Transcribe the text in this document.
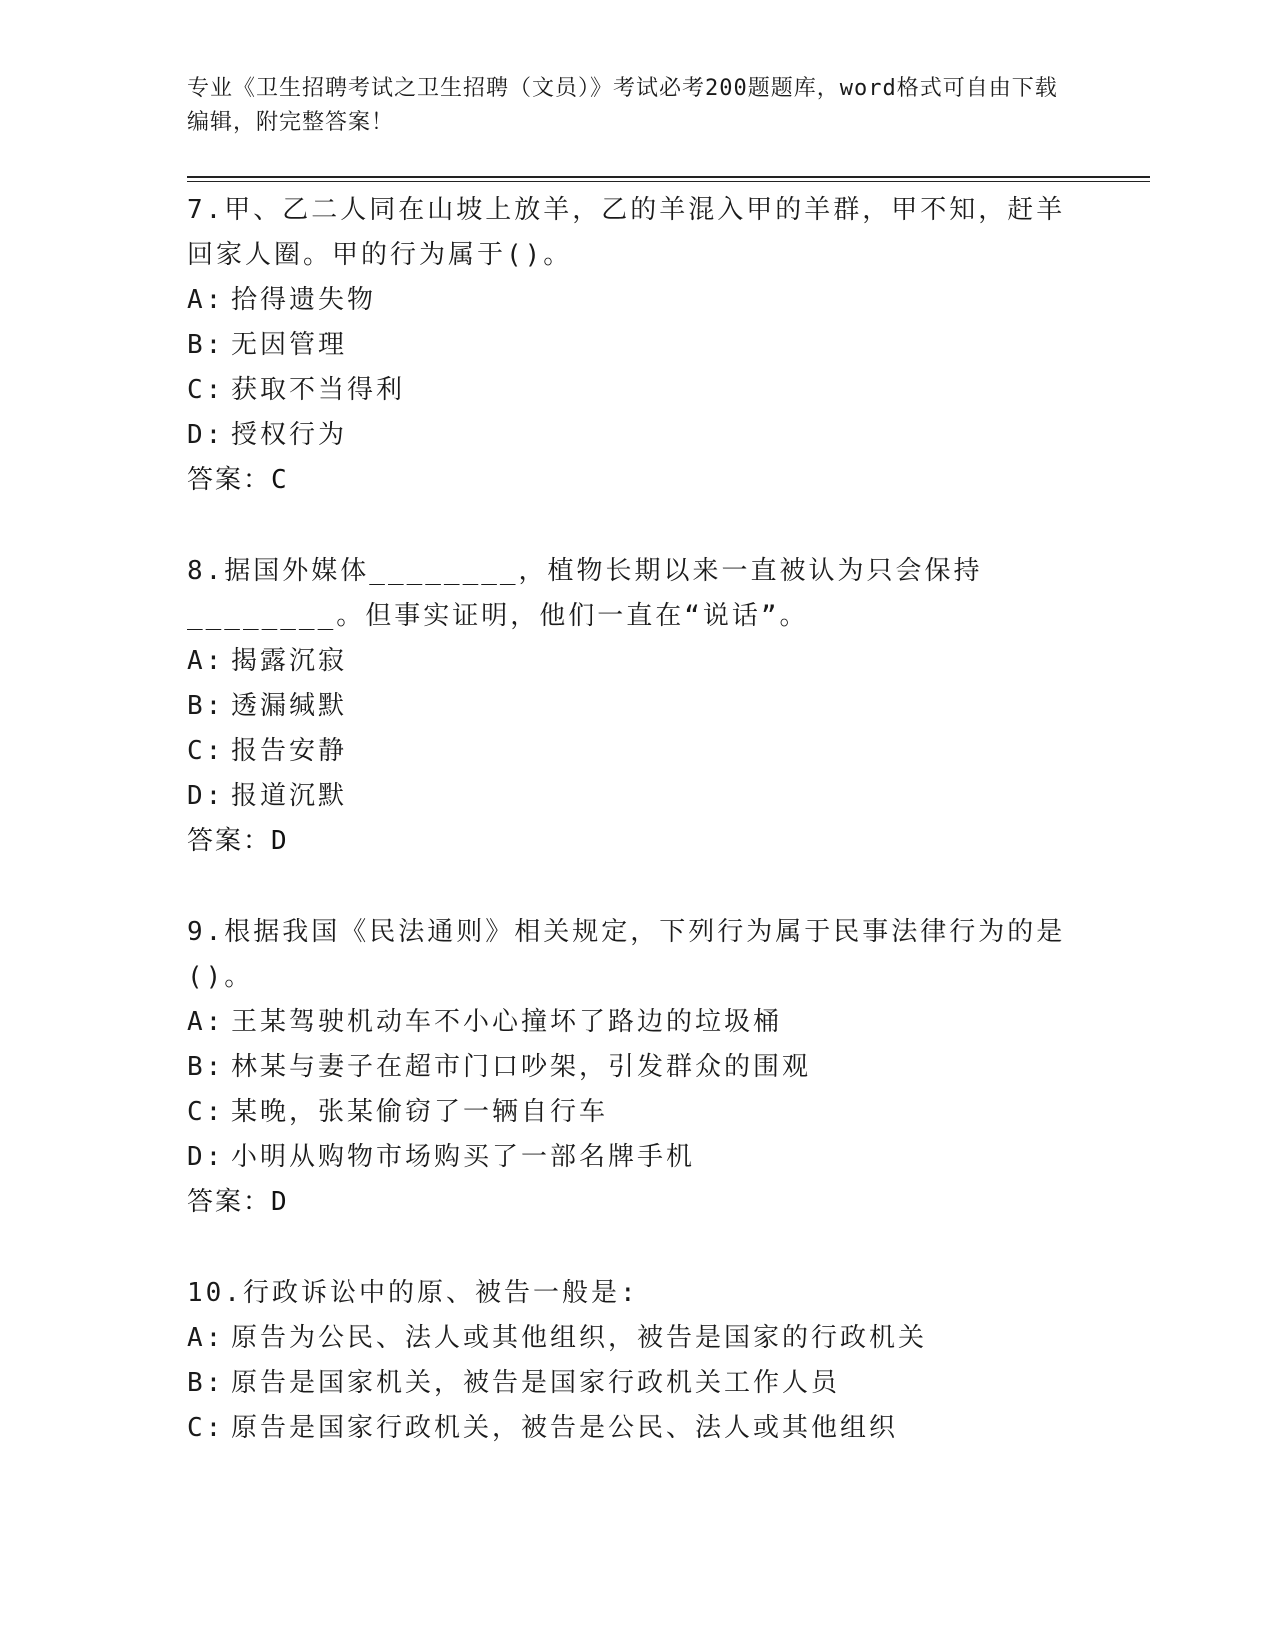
专业《卫生招聘考试之卫生招聘（文员）》考试必考200题题库，word格式可自由下载编辑，附完整答案！

7.甲、乙二人同在山坡上放羊，乙的羊混入甲的羊群，甲不知，赶羊回家人圈。甲的行为属于()。

A: 拾得遗失物

B: 无因管理

C: 获取不当得利

D: 授权行为

答案：C

8.据国外媒体________，植物长期以来一直被认为只会保持________。但事实证明，他们一直在“说话”。

A: 揭露沉寂

B: 透漏缄默

C: 报告安静

D: 报道沉默

答案：D

9.根据我国《民法通则》相关规定，下列行为属于民事法律行为的是()。

A: 王某驾驶机动车不小心撞坏了路边的垃圾桶

B: 林某与妻子在超市门口吵架，引发群众的围观

C: 某晚，张某偷窃了一辆自行车

D: 小明从购物市场购买了一部名牌手机

答案：D

10.行政诉讼中的原、被告一般是:

A: 原告为公民、法人或其他组织，被告是国家的行政机关

B: 原告是国家机关，被告是国家行政机关工作人员

C: 原告是国家行政机关，被告是公民、法人或其他组织
